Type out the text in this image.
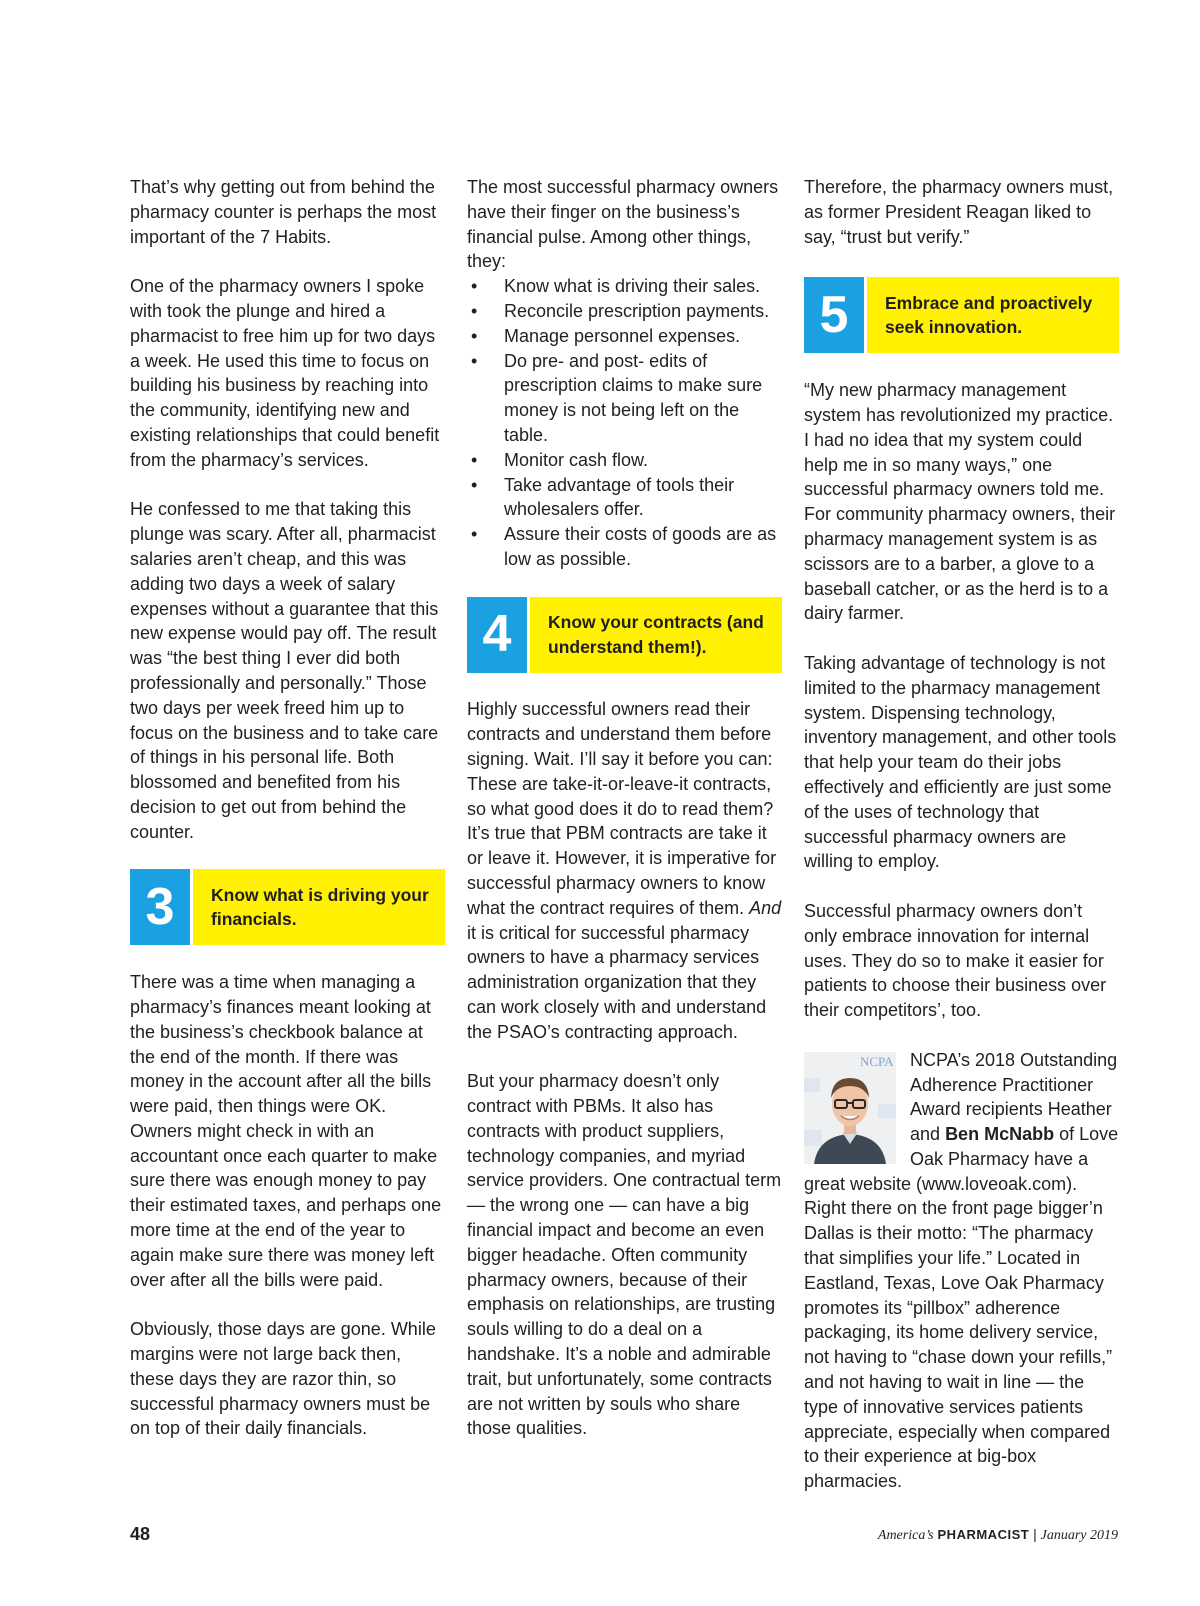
That’s why getting out from behind the pharmacy counter is perhaps the most important of the 7 Habits.

One of the pharmacy owners I spoke with took the plunge and hired a pharmacist to free him up for two days a week. He used this time to focus on building his business by reaching into the community, identifying new and existing relationships that could benefit from the pharmacy’s services.

He confessed to me that taking this plunge was scary. After all, pharmacist salaries aren’t cheap, and this was adding two days a week of salary expenses without a guarantee that this new expense would pay off. The result was “the best thing I ever did both professionally and personally.” Those two days per week freed him up to focus on the business and to take care of things in his personal life. Both blossomed and benefited from his decision to get out from behind the counter.

3	Know what is driving your financials.

There was a time when managing a pharmacy’s finances meant looking at the business’s checkbook balance at the end of the month. If there was money in the account after all the bills were paid, then things were OK. Owners might check in with an accountant once each quarter to make sure there was enough money to pay their estimated taxes, and perhaps one more time at the end of the year to again make sure there was money left over after all the bills were paid.

Obviously, those days are gone. While margins were not large back then, these days they are razor thin, so successful pharmacy owners must be on top of their daily financials.

The most successful pharmacy owners have their finger on the business’s financial pulse. Among other things, they:

• Know what is driving their sales.
• Reconcile prescription payments.
• Manage personnel expenses.
• Do pre- and post- edits of prescription claims to make sure money is not being left on the table.
• Monitor cash flow.
• Take advantage of tools their wholesalers offer.
• Assure their costs of goods are as low as possible.
4	Know your contracts (and understand them!).

Highly successful owners read their contracts and understand them before signing. Wait. I’ll say it before you can: These are take-it-or-leave-it contracts, so what good does it do to read them? It’s true that PBM contracts are take it or leave it. However, it is imperative for successful pharmacy owners to know what the contract requires of them. And it is critical for successful pharmacy owners to have a pharmacy services administration organization that they can work closely with and understand the PSAO’s contracting approach.

But your pharmacy doesn’t only contract with PBMs. It also has contracts with product suppliers, technology companies, and myriad service providers. One contractual term — the wrong one — can have a big financial impact and become an even bigger headache. Often community pharmacy owners, because of their emphasis on relationships, are trusting souls willing to do a deal on a handshake. It’s a noble and admirable trait, but unfortunately, some contracts are not written by souls who share those qualities.

Therefore, the pharmacy owners must, as former President Reagan liked to say, “trust but verify.”

5	Embrace and proactively seek innovation.

“My new pharmacy management system has revolutionized my practice. I had no idea that my system could help me in so many ways,” one successful pharmacy owners told me. For community pharmacy owners, their pharmacy management system is as scissors are to a barber, a glove to a baseball catcher, or as the herd is to a dairy farmer.

Taking advantage of technology is not limited to the pharmacy management system. Dispensing technology, inventory management, and other tools that help your team do their jobs effectively and efficiently are just some of the uses of technology that successful pharmacy owners are willing to employ.

Successful pharmacy owners don’t only embrace innovation for internal uses. They do so to make it easier for patients to choose their business over their competitors’, too.

NCPA NCPA’s 2018 Outstanding Adherence Practitioner Award recipients Heather and Ben McNabb of Love Oak Pharmacy have a great website (www.loveoak.com). Right there on the front page bigger’n Dallas is their motto: “The pharmacy that simplifies your life.” Located in Eastland, Texas, Love Oak Pharmacy promotes its “pillbox” adherence packaging, its home delivery service, not having to “chase down your refills,” and not having to wait in line — the type of innovative services patients appreciate, especially when compared to their experience at big-box pharmacies.

48	America’s PHARMACIST | January 2019
